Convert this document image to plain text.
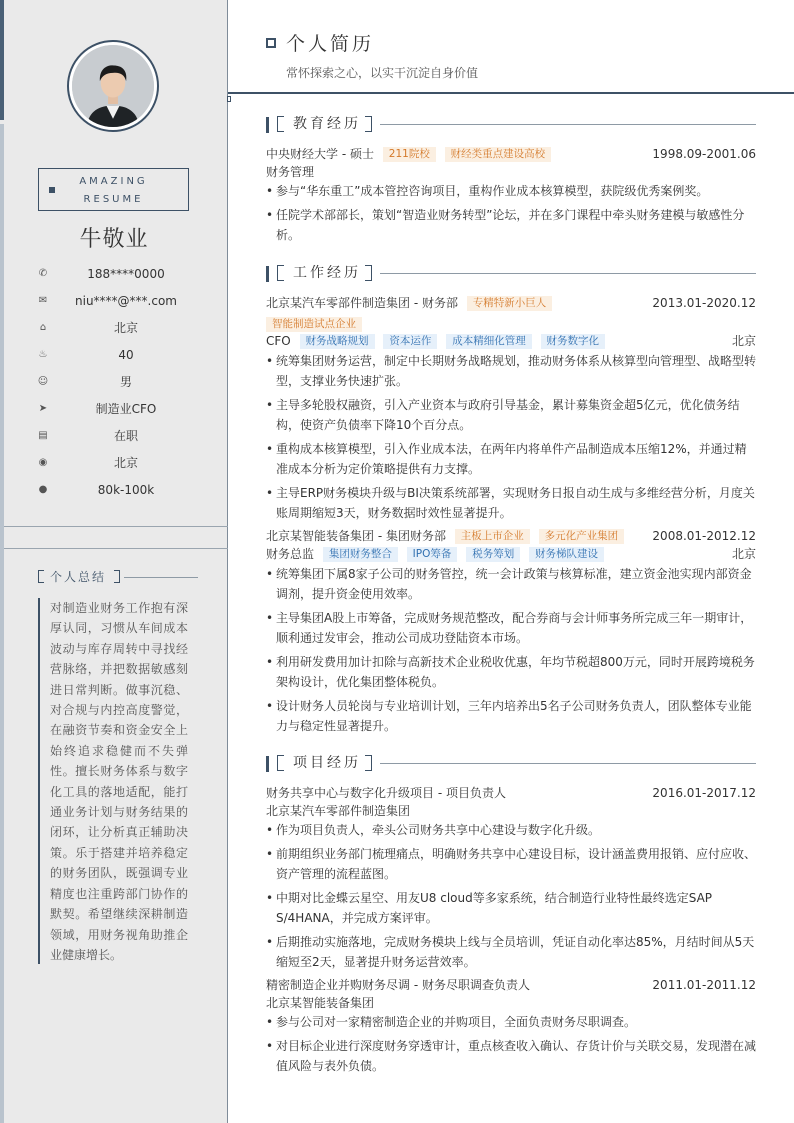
AMAZING
RESUME
牛敬业
✆	188****0000
✉	niu****@***.com
⌂	北京
♨	40
☺	男
➤	制造业CFO
▤	在职
◉	北京
●	80k-100k
个人总结
对制造业财务工作抱有深厚认同，习惯从车间成本波动与库存周转中寻找经营脉络，并把数据敏感刻进日常判断。做事沉稳、对合规与内控高度警觉，在融资节奏和资金安全上始终追求稳健而不失弹性。擅长财务体系与数字化工具的落地适配，能打通业务计划与财务结果的闭环，让分析真正辅助决策。乐于搭建并培养稳定的财务团队，既强调专业精度也注重跨部门协作的默契。希望继续深耕制造领域，用财务视角助推企业健康增长。
个人简历
常怀探索之心，以实干沉淀自身价值
教育经历
中央财经大学 - 硕士 211院校 财经类重点建设高校	1998.09-2001.06
财务管理
• 参与“华东重工”成本管控咨询项目，重构作业成本核算模型，获院级优秀案例奖。
• 任院学术部部长，策划“智造业财务转型”论坛，并在多门课程中牵头财务建模与敏感性分析。
工作经历
北京某汽车零部件制造集团 - 财务部 专精特新小巨人	2013.01-2020.12
智能制造试点企业
CFO 财务战略规划 资本运作 成本精细化管理 财务数字化	北京
• 统筹集团财务运营，制定中长期财务战略规划，推动财务体系从核算型向管理型、战略型转型，支撑业务快速扩张。
• 主导多轮股权融资，引入产业资本与政府引导基金，累计募集资金超5亿元，优化债务结构，使资产负债率下降10个百分点。
• 重构成本核算模型，引入作业成本法，在两年内将单件产品制造成本压缩12%，并通过精准成本分析为定价策略提供有力支撑。
• 主导ERP财务模块升级与BI决策系统部署，实现财务日报自动生成与多维经营分析，月度关账周期缩短3天，财务数据时效性显著提升。
北京某智能装备集团 - 集团财务部 主板上市企业 多元化产业集团	2008.01-2012.12
财务总监 集团财务整合 IPO筹备 税务筹划 财务梯队建设	北京
• 统筹集团下属8家子公司的财务管控，统一会计政策与核算标准，建立资金池实现内部资金调剂，提升资金使用效率。
• 主导集团A股上市筹备，完成财务规范整改，配合券商与会计师事务所完成三年一期审计，顺利通过发审会，推动公司成功登陆资本市场。
• 利用研发费用加计扣除与高新技术企业税收优惠，年均节税超800万元，同时开展跨境税务架构设计，优化集团整体税负。
• 设计财务人员轮岗与专业培训计划，三年内培养出5名子公司财务负责人，团队整体专业能力与稳定性显著提升。
项目经历
财务共享中心与数字化升级项目 - 项目负责人	2016.01-2017.12
北京某汽车零部件制造集团
• 作为项目负责人，牵头公司财务共享中心建设与数字化升级。
• 前期组织业务部门梳理痛点，明确财务共享中心建设目标，设计涵盖费用报销、应付应收、资产管理的流程蓝图。
• 中期对比金蝶云星空、用友U8 cloud等多家系统，结合制造行业特性最终选定SAP S/4HANA，并完成方案评审。
• 后期推动实施落地，完成财务模块上线与全员培训，凭证自动化率达85%，月结时间从5天缩短至2天，显著提升财务运营效率。
精密制造企业并购财务尽调 - 财务尽职调查负责人	2011.01-2011.12
北京某智能装备集团
• 参与公司对一家精密制造企业的并购项目，全面负责财务尽职调查。
• 对目标企业进行深度财务穿透审计，重点核查收入确认、存货计价与关联交易，发现潜在减值风险与表外负债。
